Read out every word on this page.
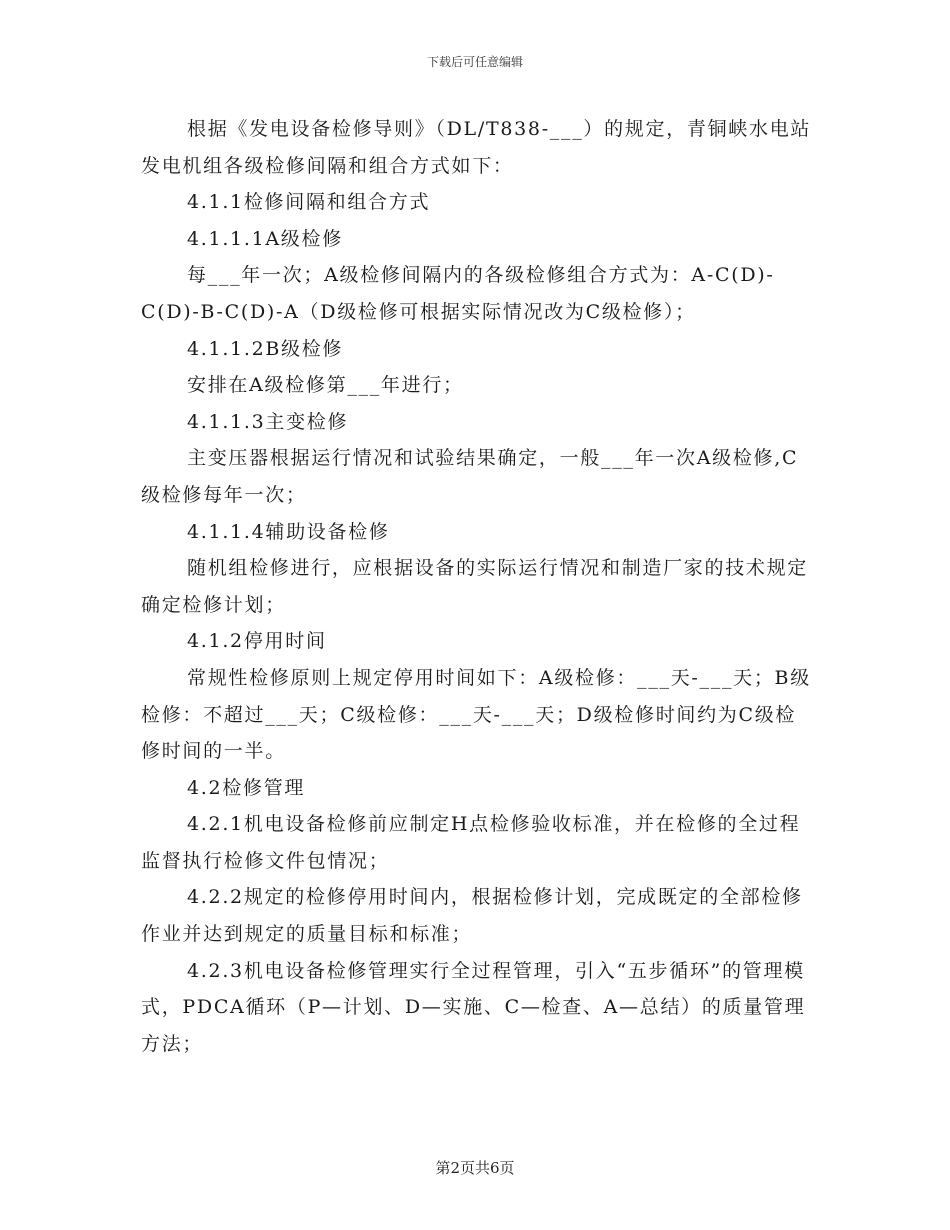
下载后可任意编辑

根据《发电设备检修导则》（DL/T838-___）的规定，青铜峡水电站发电机组各级检修间隔和组合方式如下：

4.1.1检修间隔和组合方式

4.1.1.1A级检修

每___年一次；A级检修间隔内的各级检修组合方式为：A-C(D)-C(D)-B-C(D)-A（D级检修可根据实际情况改为C级检修）；

4.1.1.2B级检修

安排在A级检修第___年进行；

4.1.1.3主变检修

主变压器根据运行情况和试验结果确定，一般___年一次A级检修,C级检修每年一次；

4.1.1.4辅助设备检修

随机组检修进行，应根据设备的实际运行情况和制造厂家的技术规定确定检修计划；

4.1.2停用时间

常规性检修原则上规定停用时间如下：A级检修：___天-___天；B级检修：不超过___天；C级检修：___天-___天；D级检修时间约为C级检修时间的一半。

4.2检修管理

4.2.1机电设备检修前应制定H点检修验收标准，并在检修的全过程监督执行检修文件包情况；

4.2.2规定的检修停用时间内，根据检修计划，完成既定的全部检修作业并达到规定的质量目标和标准；

4.2.3机电设备检修管理实行全过程管理，引入“五步循环”的管理模式，PDCA循环（P—计划、D—实施、C—检查、A—总结）的质量管理方法；

第2页共6页
